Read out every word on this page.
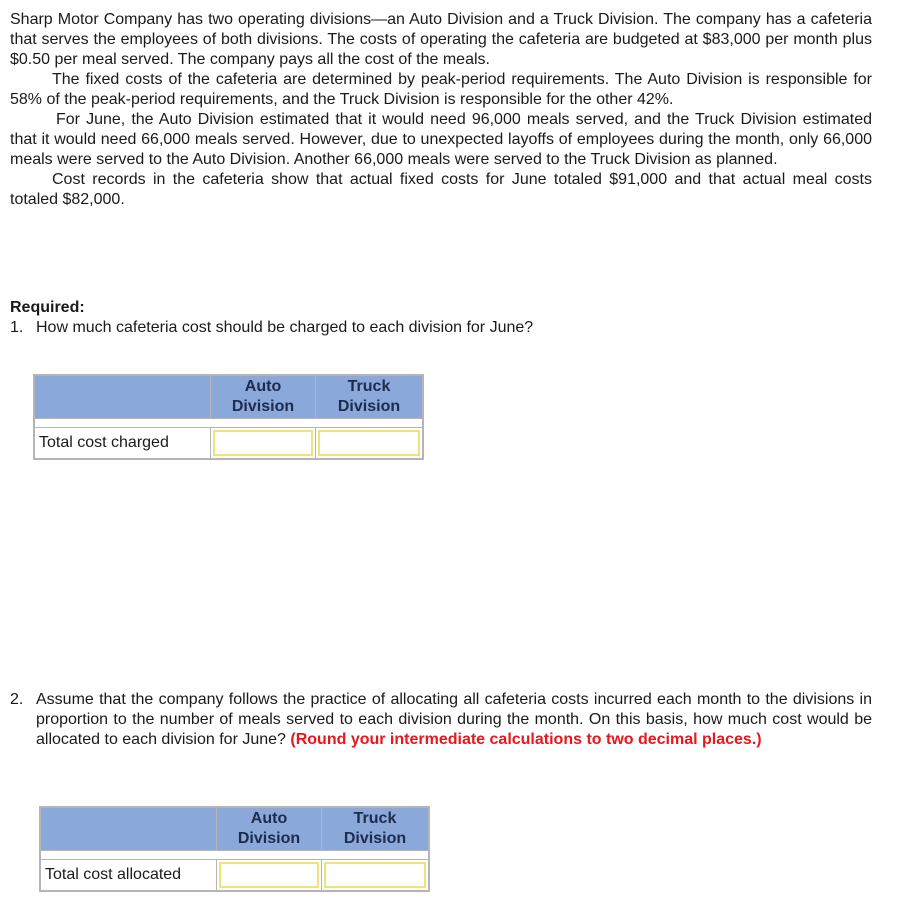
Sharp Motor Company has two operating divisions—an Auto Division and a Truck Division. The company has a cafeteria that serves the employees of both divisions. The costs of operating the cafeteria are budgeted at $83,000 per month plus $0.50 per meal served. The company pays all the cost of the meals.

The fixed costs of the cafeteria are determined by peak-period requirements. The Auto Division is responsible for 58% of the peak-period requirements, and the Truck Division is responsible for the other 42%.

For June, the Auto Division estimated that it would need 96,000 meals served, and the Truck Division estimated that it would need 66,000 meals served. However, due to unexpected layoffs of employees during the month, only 66,000 meals were served to the Auto Division. Another 66,000 meals were served to the Truck Division as planned.

Cost records in the cafeteria show that actual fixed costs for June totaled $91,000 and that actual meal costs totaled $82,000.

Required:

1. How much cafeteria cost should be charged to each division for June?
	Auto
Division	Truck
Division

Total cost charged	

2. Assume that the company follows the practice of allocating all cafeteria costs incurred each month to the divisions in proportion to the number of meals served to each division during the month. On this basis, how much cost would be allocated to each division for June? (Round your intermediate calculations to two decimal places.)
	Auto
Division	Truck
Division

Total cost allocated	
